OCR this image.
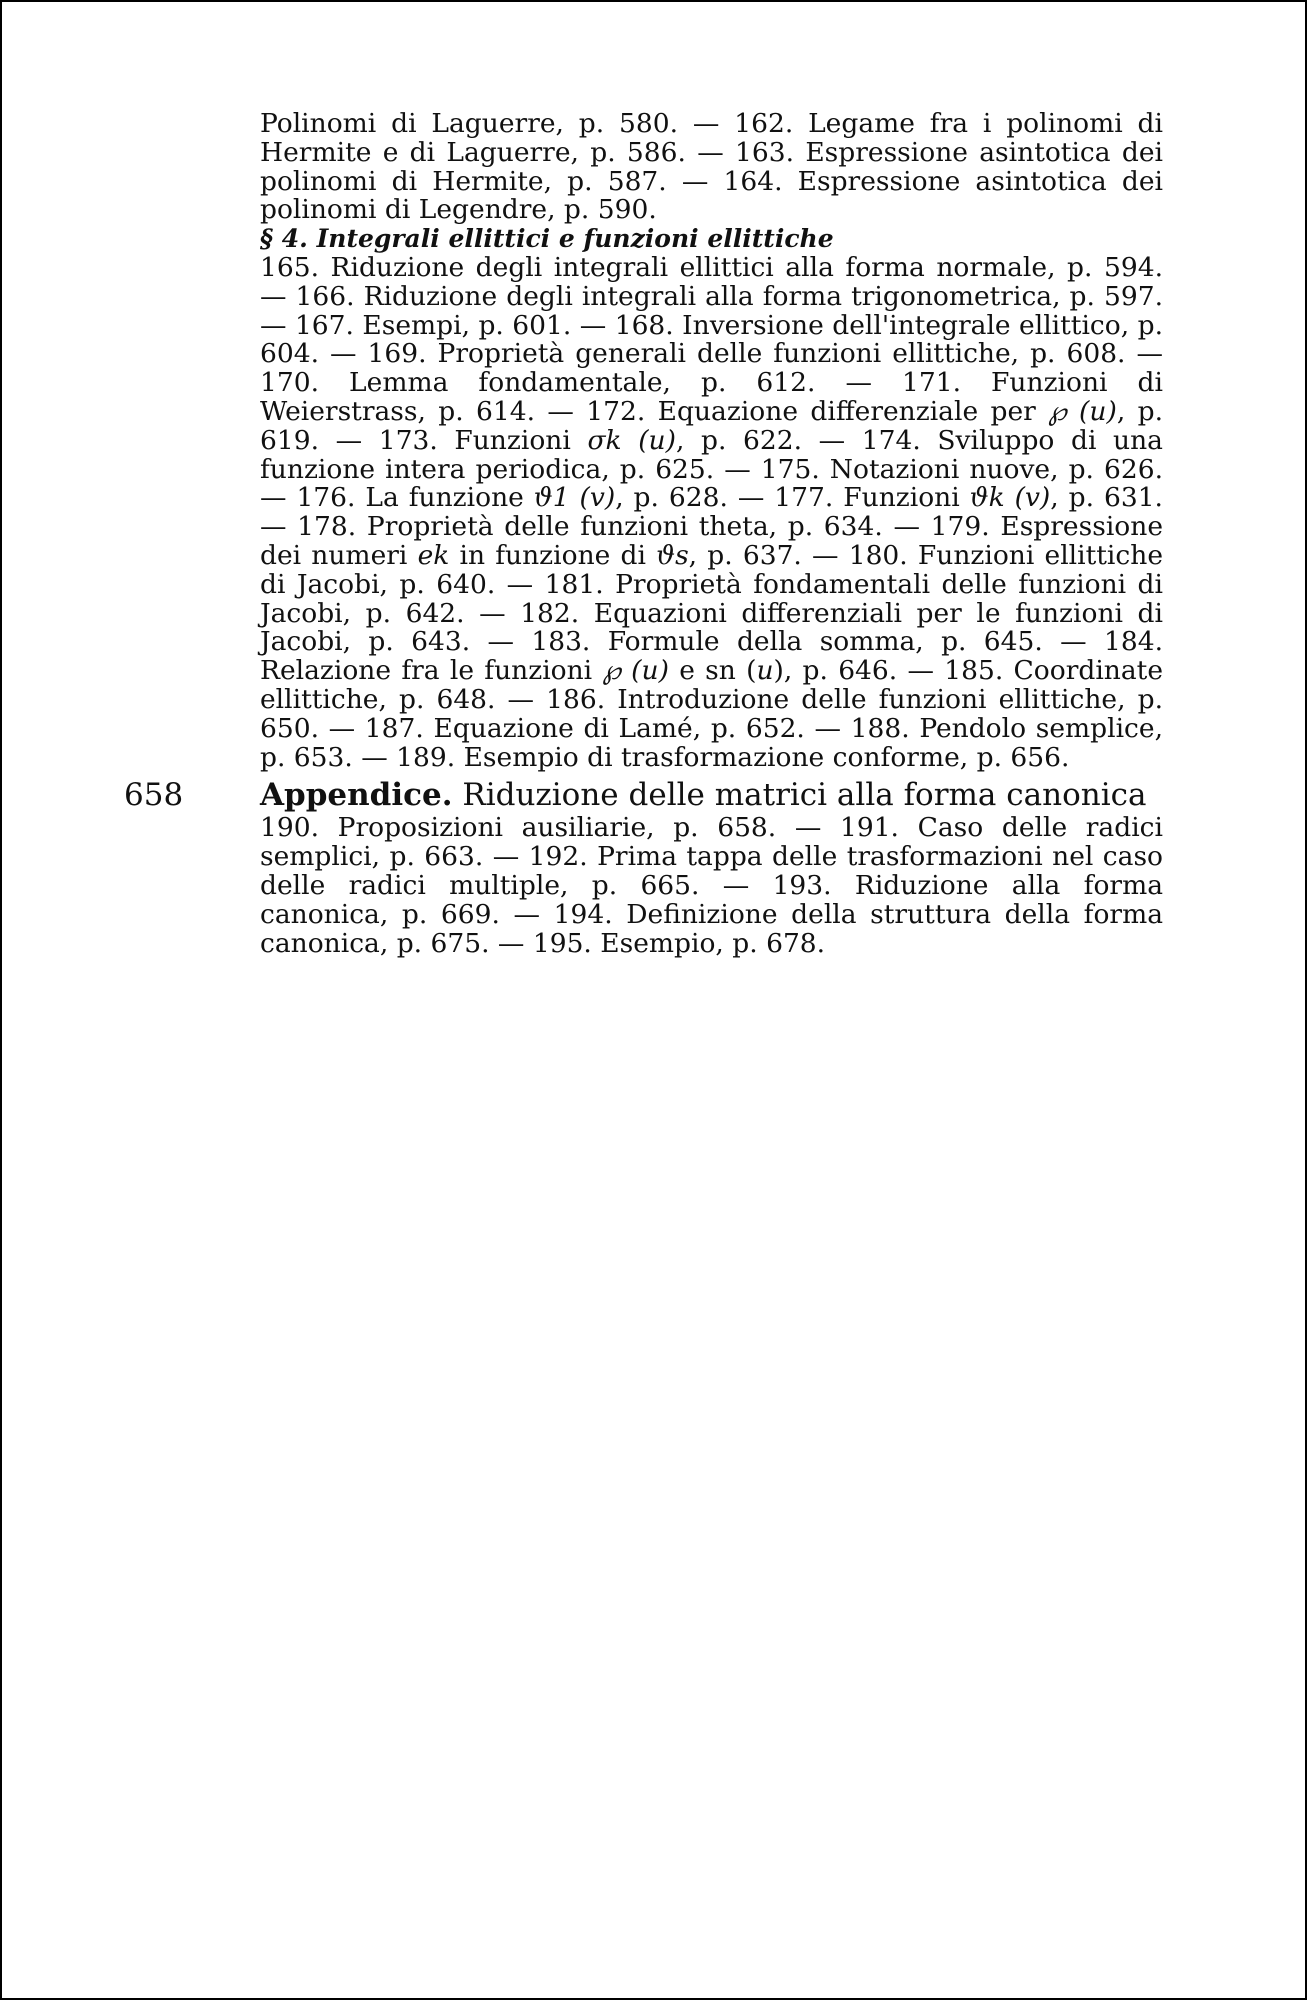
Polinomi di Laguerre, p. 580. — 162. Legame fra i polinomi di Hermite e di Laguerre, p. 586. — 163. Espressione asintotica dei polinomi di Hermite, p. 587. — 164. Espressione asintotica dei polinomi di Legendre, p. 590.

§ 4. Integrali ellittici e funzioni ellittiche

165. Riduzione degli integrali ellittici alla forma normale, p. 594. — 166. Riduzione degli integrali alla forma trigonometrica, p. 597. — 167. Esempi, p. 601. — 168. Inversione dell'integrale ellittico, p. 604. — 169. Proprietà generali delle funzioni ellittiche, p. 608. — 170. Lemma fondamentale, p. 612. — 171. Funzioni di Weierstrass, p. 614. — 172. Equazione differenziale per ℘ (u), p. 619. — 173. Funzioni σk (u), p. 622. — 174. Sviluppo di una funzione intera periodica, p. 625. — 175. Notazioni nuove, p. 626. — 176. La funzione ϑ1 (v), p. 628. — 177. Funzioni ϑk (v), p. 631. — 178. Proprietà delle funzioni theta, p. 634. — 179. Espressione dei numeri ek in funzione di ϑs, p. 637. — 180. Funzioni ellittiche di Jacobi, p. 640. — 181. Proprietà fondamentali delle funzioni di Jacobi, p. 642. — 182. Equazioni differenziali per le funzioni di Jacobi, p. 643. — 183. Formule della somma, p. 645. — 184. Relazione fra le funzioni ℘ (u) e sn (u), p. 646. — 185. Coordinate ellittiche, p. 648. — 186. Introduzione delle funzioni ellittiche, p. 650. — 187. Equazione di Lamé, p. 652. — 188. Pendolo semplice, p. 653. — 189. Esempio di trasformazione conforme, p. 656.

658 Appendice. Riduzione delle matrici alla forma canonica

190. Proposizioni ausiliarie, p. 658. — 191. Caso delle radici semplici, p. 663. — 192. Prima tappa delle trasformazioni nel caso delle radici multiple, p. 665. — 193. Riduzione alla forma canonica, p. 669. — 194. Definizione della struttura della forma canonica, p. 675. — 195. Esempio, p. 678.
